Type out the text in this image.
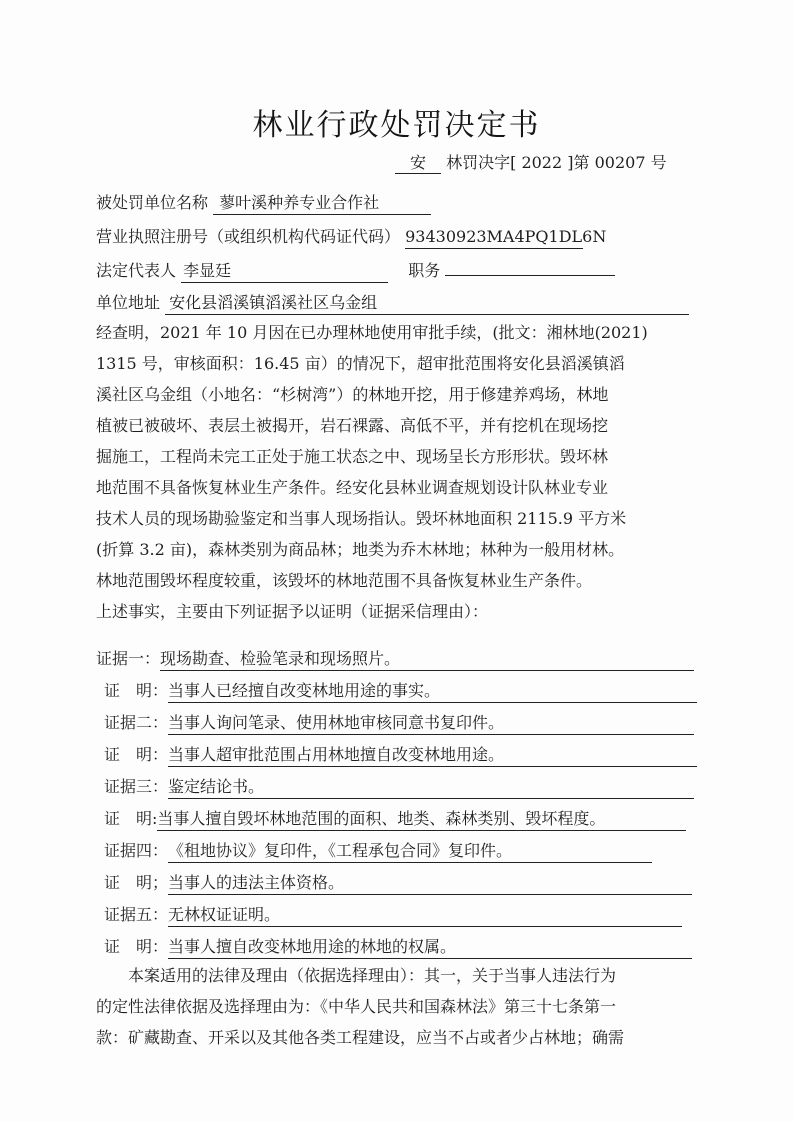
林业行政处罚决定书
安 林罚决字[ 2022 ]第 00207 号
被处罚单位名称 蓼叶溪种养专业合作社
营业执照注册号（或组织机构代码证代码） 93430923MA4PQ1DL6N
法定代表人 李显廷	职务
单位地址 安化县滔溪镇滔溪社区乌金组

经查明，2021 年 10 月因在已办理林地使用审批手续，(批文：湘林地(2021)

1315 号，审核面积：16.45 亩）的情况下，超审批范围将安化县滔溪镇滔

溪社区乌金组（小地名：“杉树湾”）的林地开挖，用于修建养鸡场，林地

植被已被破坏、表层土被揭开，岩石裸露、高低不平，并有挖机在现场挖

掘施工，工程尚未完工正处于施工状态之中、现场呈长方形形状。毁坏林

地范围不具备恢复林业生产条件。经安化县林业调查规划设计队林业专业

技术人员的现场勘验鉴定和当事人现场指认。毁坏林地面积 2115.9 平方米

(折算 3.2 亩)，森林类别为商品林；地类为乔木林地；林种为一般用材林。

林地范围毁坏程度较重，该毁坏的林地范围不具备恢复林业生产条件。

上述事实，主要由下列证据予以证明（证据采信理由）：

证据一：现场勘查、检验笔录和现场照片。
证　明：当事人已经擅自改变林地用途的事实。
证据二：当事人询问笔录、使用林地审核同意书复印件。
证　明：当事人超审批范围占用林地擅自改变林地用途。
证据三：鉴定结论书。
证　明:当事人擅自毁坏林地范围的面积、地类、森林类别、毁坏程度。
证据四：《租地协议》复印件，《工程承包合同》复印件。
证　明；当事人的违法主体资格。
证据五：无林权证证明。
证　明：当事人擅自改变林地用途的林地的权属。

本案适用的法律及理由（依据选择理由）：其一，关于当事人违法行为

的定性法律依据及选择理由为：《中华人民共和国森林法》第三十七条第一

款：矿藏勘查、开采以及其他各类工程建设，应当不占或者少占林地；确需
